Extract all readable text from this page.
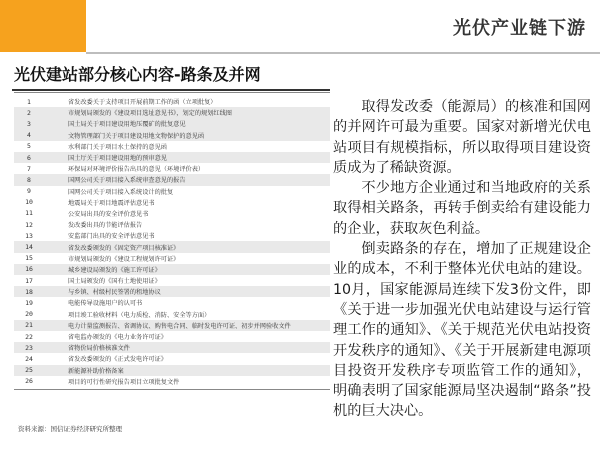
光伏产业链下游
光伏建站部分核心内容-路条及并网
1	省发改委关于支持项目开展前期工作的函（立项批复）
2	市规划局颁发的《建设项目选址意见书》，划定的规划红线图
3	国土局关于项目建设用地压覆矿的批复意见
4	文物管理部门关于项目建设用地文物保护的意见函
5	水利部门关于项目水土保持的意见函
6	国土厅关于项目建设用地的预审意见
7	环保局对环境评价报告出具的意见（环境评价表）
8	国网公司关于项目接入系统审查意见的报告
9	国网公司关于项目接入系统设计的批复
10	地震局关于项目地震评估意见书
11	公安局出具的安全评价意见书
12	发改委出具的节能评估报告
13	安监部门出具的安全评估意见书
14	省发改委颁发的《固定资产项目核准证》
15	市规划局颁发的《建设工程规划许可证》
16	城乡建设局颁发的《施工许可证》
17	国土局颁发的《国有土地使用证》
18	与乡镇、村级村民签署的租地协议
19	电能传导设施用户的认可书
20	项目竣工验收材料（电力质检、消防、安全等方面）
21	电力计量监测报告、省调协议、购售电合同、临时发电许可证、初步并网验收文件
22	省电监办颁发的《电力业务许可证》
23	省物价局价格核准文件
24	省发改委颁发的《正式发电许可证》
25	新能源补助价格备案
26	项目的可行性研究报告项目立项批复文件
资料来源：国信证券经济研究所整理

取得发改委（能源局）的核准和国网的并网许可最为重要。国家对新增光伏电站项目有规模指标，所以取得项目建设资质成为了稀缺资源。

不少地方企业通过和当地政府的关系取得相关路条，再转手倒卖给有建设能力的企业，获取灰色利益。

倒卖路条的存在，增加了正规建设企业的成本，不利于整体光伏电站的建设。10月，国家能源局连续下发3份文件，即《关于进一步加强光伏电站建设与运行管理工作的通知》、《关于规范光伏电站投资开发秩序的通知》、《关于开展新建电源项目投资开发秩序专项监管工作的通知》，明确表明了国家能源局坚决遏制“路条”投机的巨大决心。
